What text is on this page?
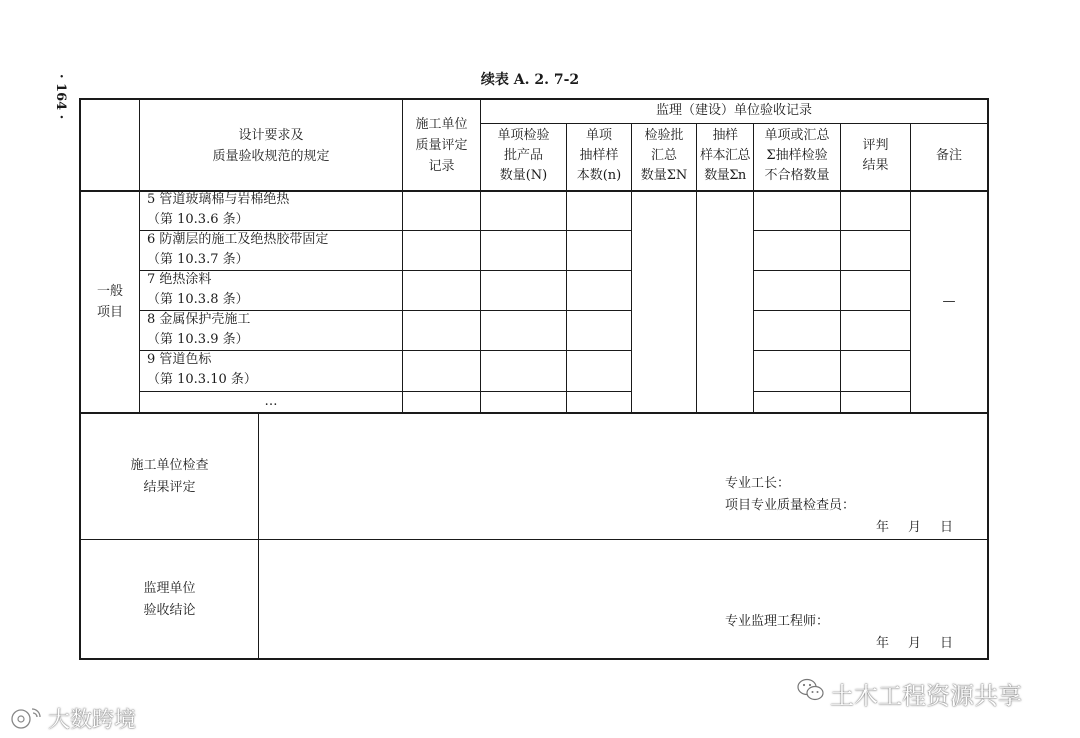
· 164 ·	续表 A. 2. 7-2
设计要求及
质量验收规范的规定
施工单位
质量评定
记录
监理（建设）单位验收记录
单项检验
批产品
数量(N)
单项
抽样样
本数(n)
检验批
汇总
数量ΣN
抽样
样本汇总
数量Σn
单项或汇总
Σ抽样检验
不合格数量
评判
结果
备注
一般
项目
5 管道玻璃棉与岩棉绝热
（第 10.3.6 条）
6 防潮层的施工及绝热胶带固定
（第 10.3.7 条）
7 绝热涂料
（第 10.3.8 条）
8 金属保护壳施工
（第 10.3.9 条）
9 管道色标
（第 10.3.10 条）
…
—
施工单位检查
结果评定	专业工长：
项目专业质量检查员：
年 月 日
监理单位
验收结论
专业监理工程师：
年 月 日
土木工程资源共享
大数跨境
